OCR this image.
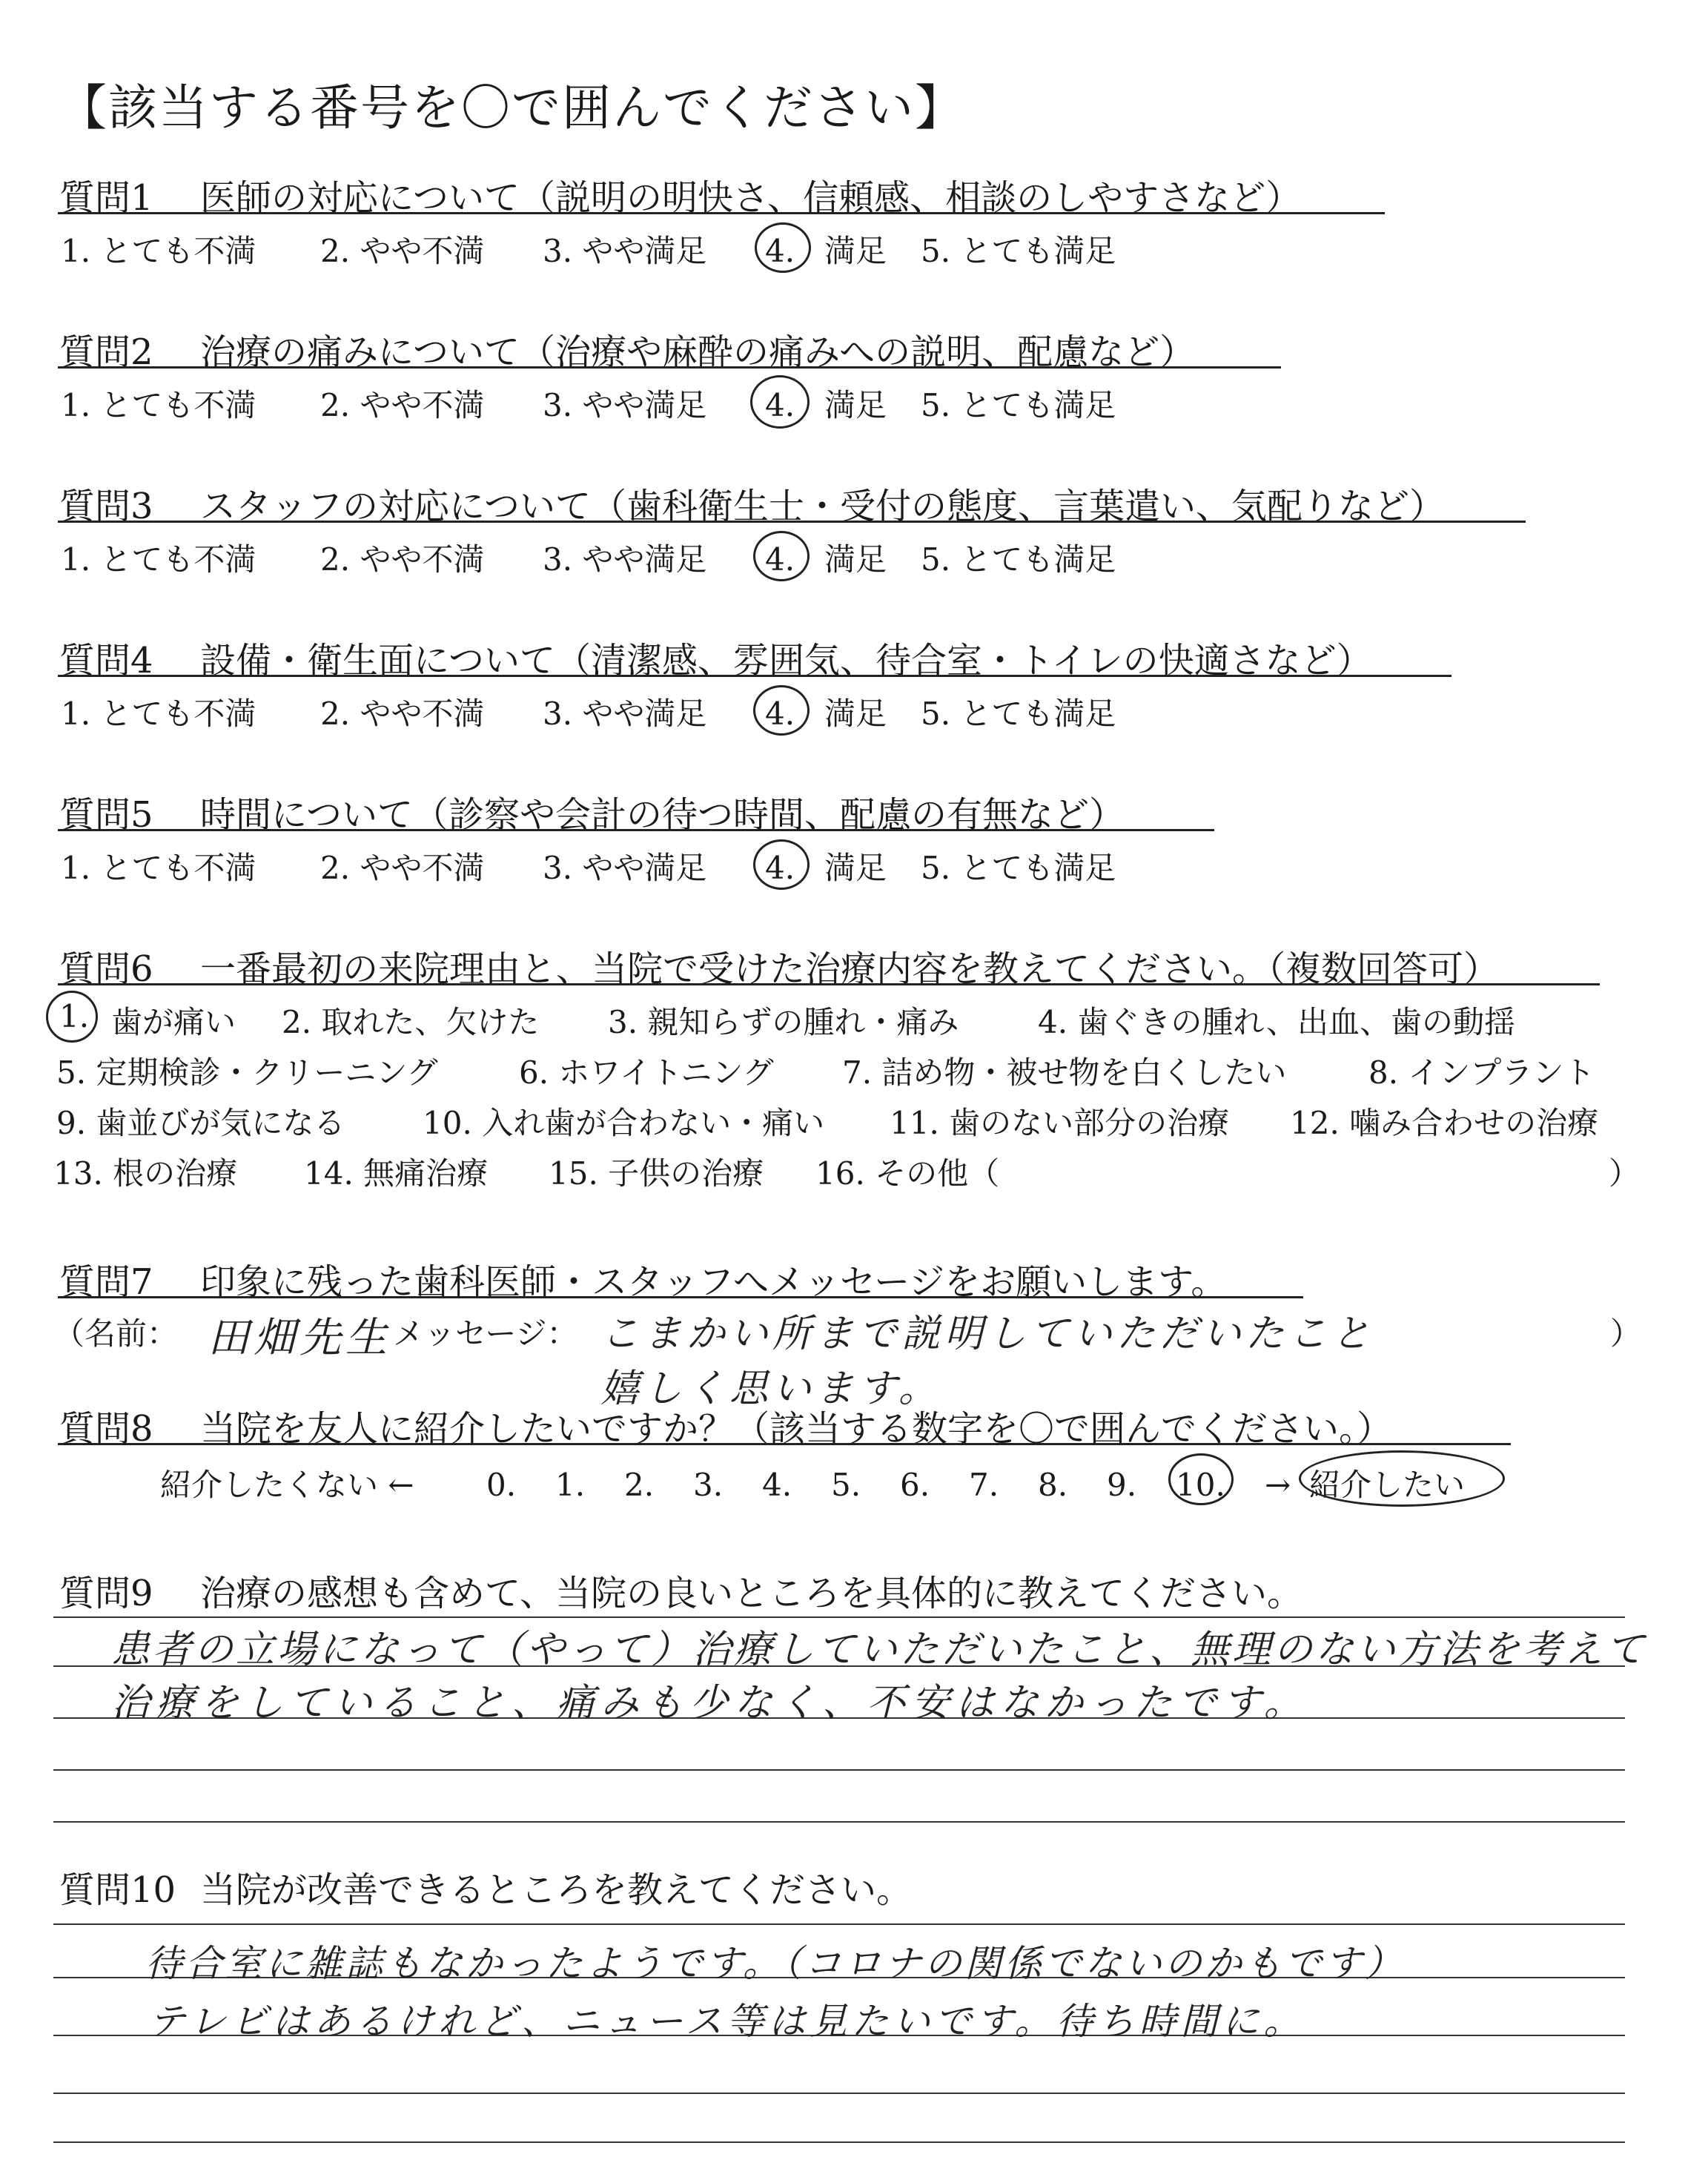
【該当する番号を〇で囲んでください】
質問1 医師の対応について（説明の明快さ、信頼感、相談のしやすさなど）
1. とても不満 2. やや不満 3. やや満足 4. 満足 5. とても満足
質問2 治療の痛みについて（治療や麻酔の痛みへの説明、配慮など）
1. とても不満 2. やや不満 3. やや満足 4. 満足 5. とても満足
質問3 スタッフの対応について（歯科衛生士・受付の態度、言葉遣い、気配りなど）
1. とても不満 2. やや不満 3. やや満足 4. 満足 5. とても満足
質問4 設備・衛生面について（清潔感、雰囲気、待合室・トイレの快適さなど）
1. とても不満 2. やや不満 3. やや満足 4. 満足 5. とても満足
質問5 時間について（診察や会計の待つ時間、配慮の有無など）
1. とても不満 2. やや不満 3. やや満足 4. 満足 5. とても満足
質問6 一番最初の来院理由と、当院で受けた治療内容を教えてください。（複数回答可）
1. 歯が痛い 2. 取れた、欠けた 3. 親知らずの腫れ・痛み	4. 歯ぐきの腫れ、出血、歯の動揺
5. 定期検診・クリーニング	6. ホワイトニング 7. 詰め物・被せ物を白くしたい	8. インプラント
9. 歯並びが気になる 10. 入れ歯が合わない・痛い 11. 歯のない部分の治療 12. 噛み合わせの治療
13. 根の治療 14. 無痛治療 15. 子供の治療 16. その他（	）
質問7 印象に残った歯科医師・スタッフへメッセージをお願いします。
（名前： 田畑先生 メッセージ： こまかい所まで説明していただいたこと
嬉しく思います。
）
質問8 当院を友人に紹介したいですか？（該当する数字を〇で囲んでください。）
紹介したくない ← 0. 1. 2. 3. 4. 5. 6. 7. 8. 9. 10. → 紹介したい
質問9 治療の感想も含めて、当院の良いところを具体的に教えてください。
患者の立場になって（やって）治療していただいたこと、無理のない方法を考えて
治療をしていること、痛みも少なく、不安はなかったです。
質問10 当院が改善できるところを教えてください。
待合室に雑誌もなかったようです。（コロナの関係でないのかもです）
テレビはあるけれど、ニュース等は見たいです。待ち時間に。
